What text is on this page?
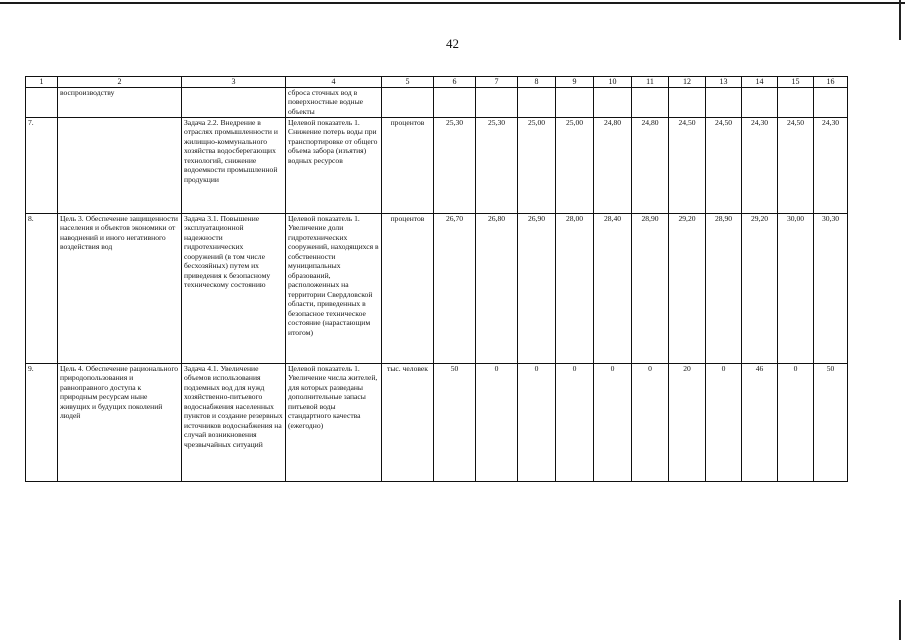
42
1	2	3	4	5	6	7	8	9	10	11	12	13	14	15	16
	воспроизводству		сброса сточных вод в поверхностные водные объекты												
7.		Задача 2.2. Внедрение в отраслях промышленности и жилищно-коммунального хозяйства водосберегающих технологий, снижение водоемкости промышленной продукции	Целевой показатель 1. Снижение потерь воды при транспортировке от общего объема забора (изъятия) водных ресурсов	процентов	25,30	25,30	25,00	25,00	24,80	24,80	24,50	24,50	24,30	24,50	24,30
8.	Цель 3. Обеспечение защищенности населения и объектов экономики от наводнений и иного негативного воздействия вод	Задача 3.1. Повышение эксплуатационной надежности гидротехнических сооружений (в том числе бесхозяйных) путем их приведения к безопасному техническому состоянию	Целевой показатель 1. Увеличение доли гидротехнических сооружений, находящихся в собственности муниципальных образований, расположенных на территории Свердловской области, приведенных в безопасное техническое состояние (нарастающим итогом)	процентов	26,70	26,80	26,90	28,00	28,40	28,90	29,20	28,90	29,20	30,00	30,30
9.	Цель 4. Обеспечение рационального природопользования и равноправного доступа к природным ресурсам ныне живущих и будущих поколений людей	Задача 4.1. Увеличение объемов использования подземных вод для нужд хозяйственно-питьевого водоснабжения населенных пунктов и создание резервных источников водоснабжения на случай возникновения чрезвычайных ситуаций	Целевой показатель 1. Увеличение числа жителей, для которых разведаны дополнительные запасы питьевой воды стандартного качества (ежегодно)	тыс. человек	50	0	0	0	0	0	20	0	46	0	50
